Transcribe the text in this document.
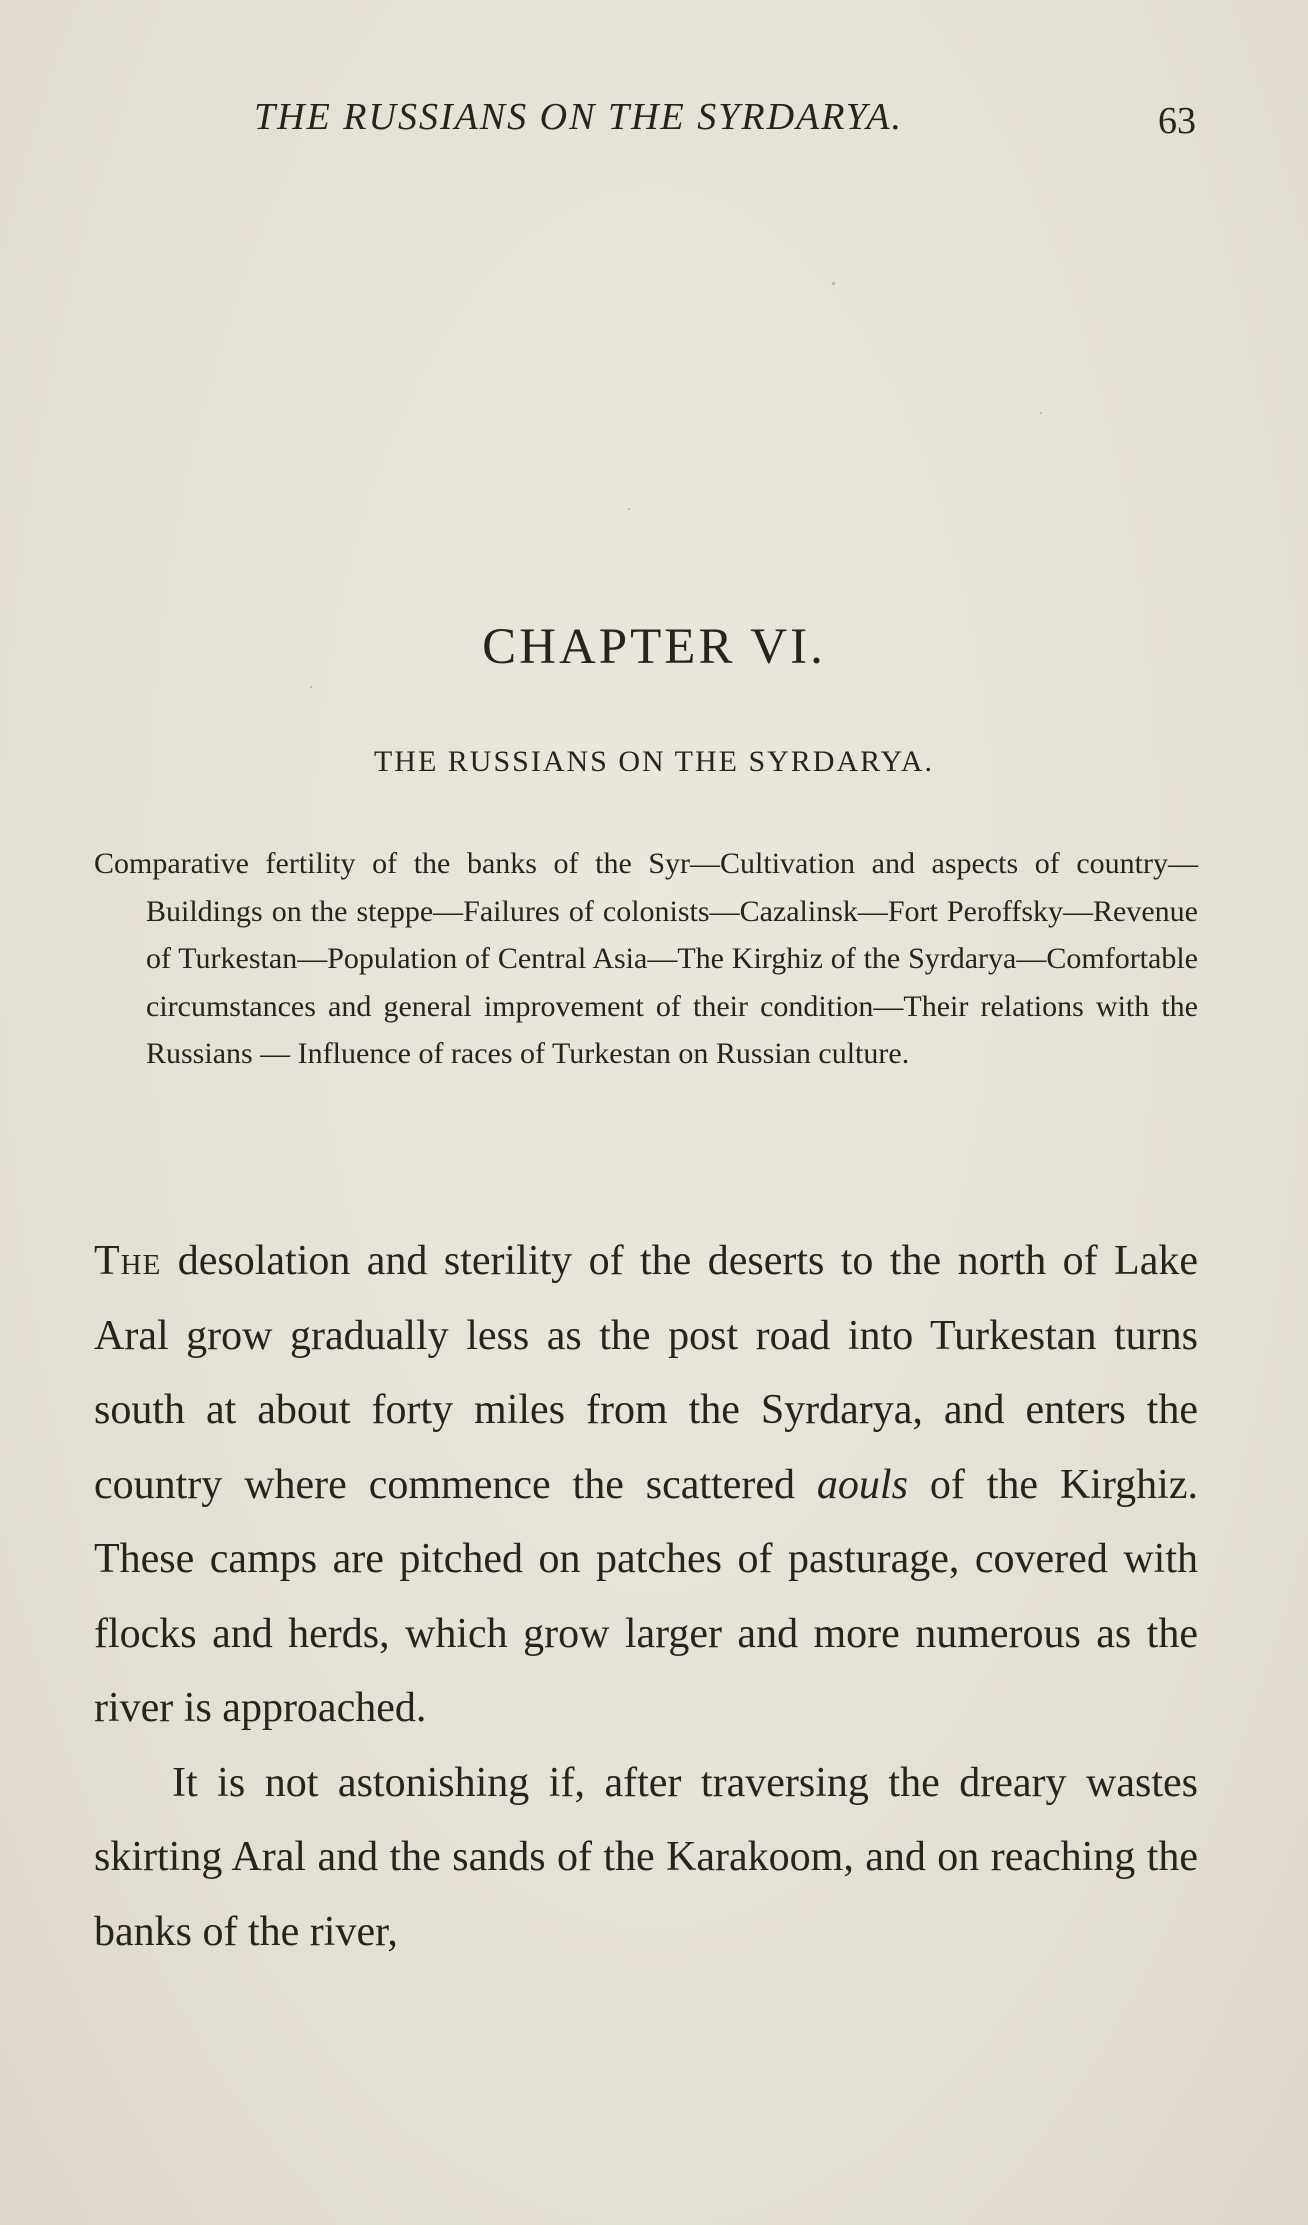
THE RUSSIANS ON THE SYRDARYA.	63
CHAPTER VI.
THE RUSSIANS ON THE SYRDARYA.

Comparative fertility of the banks of the Syr—Cultivation and aspects of country—Buildings on the steppe—Failures of colonists—Cazalinsk—Fort Peroffsky—Revenue of Turkestan—Population of Central Asia—The Kirghiz of the Syrdarya—Comfortable circumstances and general improvement of their condition—Their relations with the Russians — Influence of races of Turkestan on Russian culture.

The desolation and sterility of the deserts to the north of Lake Aral grow gradually less as the post road into Turkestan turns south at about forty miles from the Syrdarya, and enters the country where commence the scattered aouls of the Kirghiz. These camps are pitched on patches of pasturage, covered with flocks and herds, which grow larger and more numerous as the river is approached.

It is not astonishing if, after traversing the dreary wastes skirting Aral and the sands of the Karakoom, and on reaching the banks of the river,
